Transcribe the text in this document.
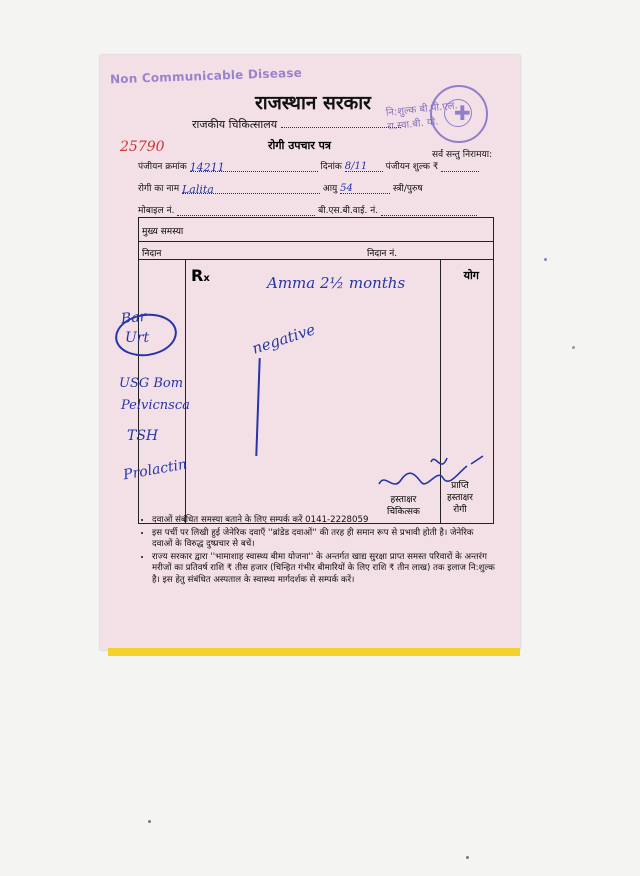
Non Communicable Disease
राजस्थान सरकार
राजकीय चिकित्सालय
रोगी उपचार पत्र
नि:शुल्क बी.पी.एल. रा.स्वा.बी. यो. ✚
सर्व सन्तु निरामया:
25790
पंजीयन क्रमांक 14211	दिनांक 8/11 पंजीयन शुल्क ₹
रोगी का नाम Lalita	आयु 54	स्त्री/पुरुष
मोबाइल नं.	बी.एस.बी.वाई. नं.
मुख्य समस्या
निदान	निदान नं.
Rx	योग
Amma 2½ months
negative
Bar
Urt
USG Bom
Pelvicnsca
TSH
Prolactin
हस्ताक्षर
चिकित्सक
प्राप्ति
हस्ताक्षर
रोगी
• दवाओं संबंधित समस्या बताने के लिए सम्पर्क करें 0141-2228059
• इस पर्ची पर लिखी हुई जेनेरिक दवाएँ ''ब्रांडेड दवाओं'' की तरह ही समान रूप से प्रभावी होती है। जेनेरिक दवाओं के विरुद्ध दुष्प्रचार से बचें।
• राज्य सरकार द्वारा ''भामाशाह स्वास्थ्य बीमा योजना'' के अन्तर्गत खाद्य सुरक्षा प्राप्त समस्त परिवारों के अन्तरंग मरीजों का प्रतिवर्ष राशि ₹ तीस हजार (चिन्हित गंभीर बीमारियों के लिए राशि ₹ तीन लाख) तक इलाज नि:शुल्क है। इस हेतु संबंधित अस्पताल के स्वास्थ्य मार्गदर्शक से सम्पर्क करें।
